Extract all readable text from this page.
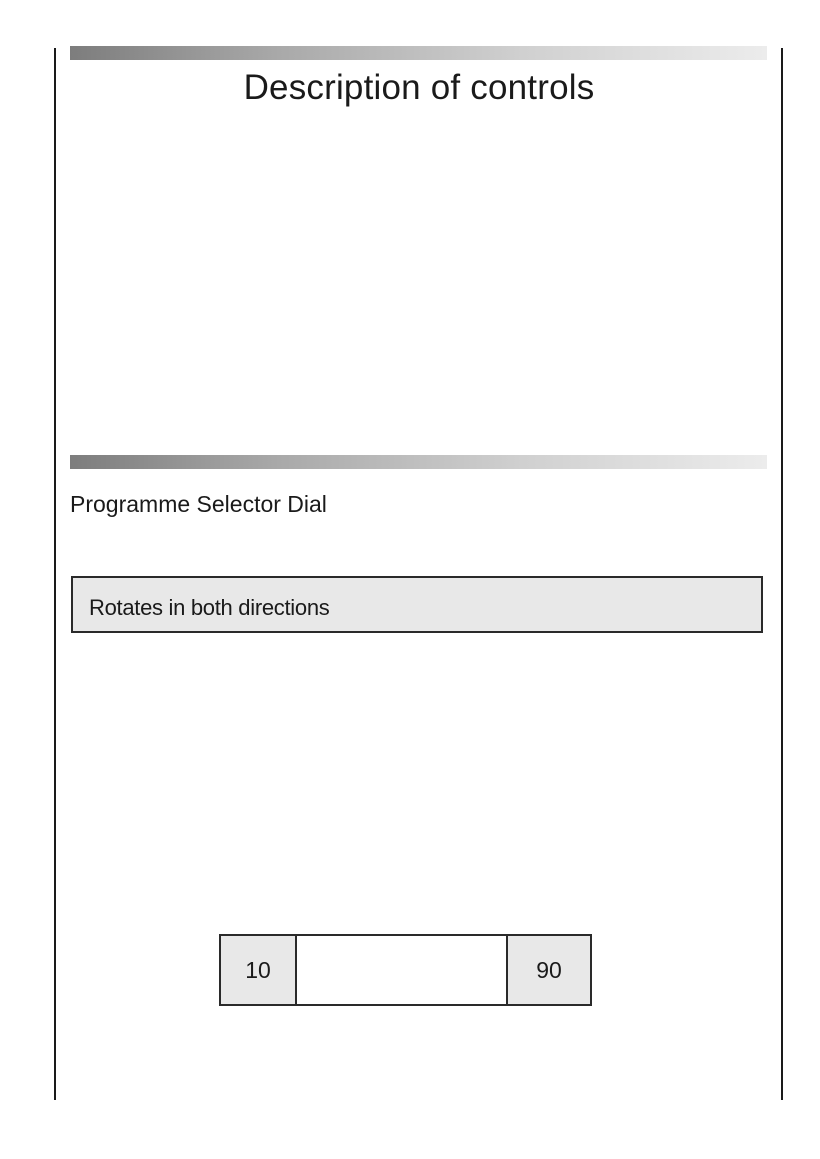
Description of controls
Programme Selector Dial
Rotates in both directions
10	90
